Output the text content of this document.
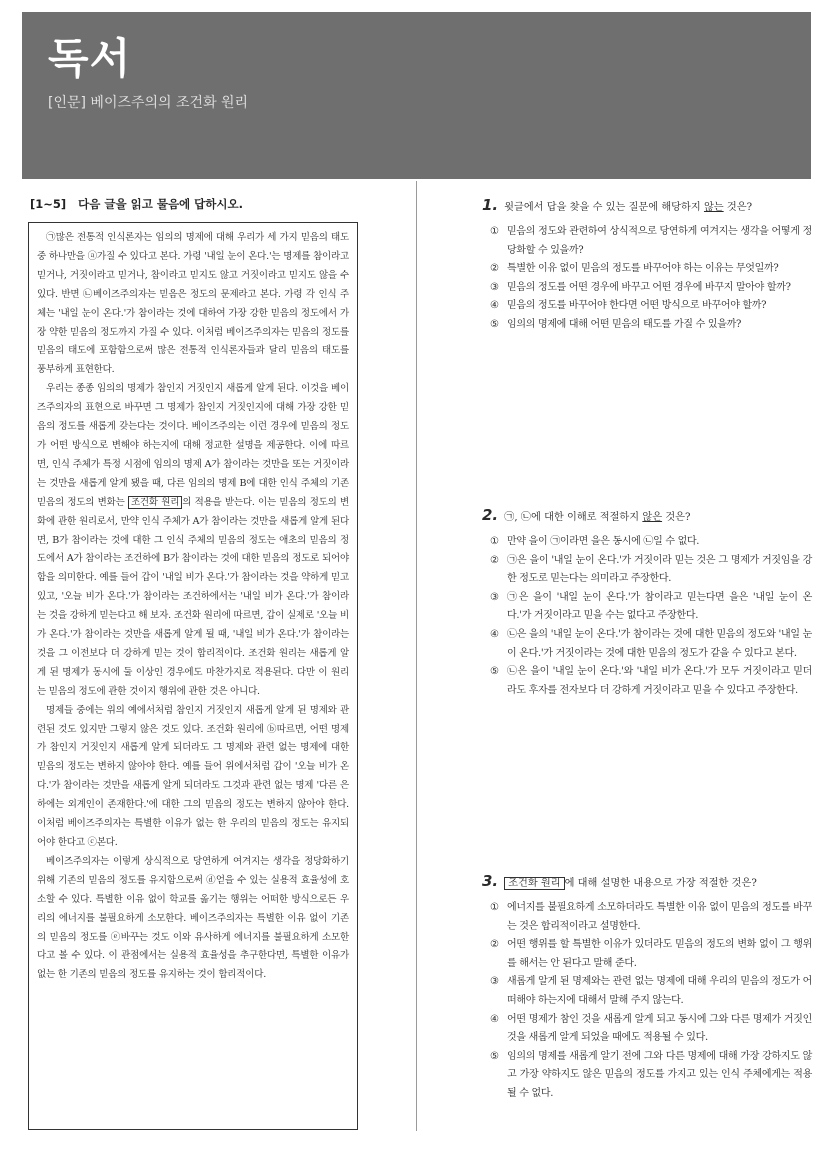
독서
[인문] 베이즈주의의 조건화 원리
[1~5] 다음 글을 읽고 물음에 답하시오.

㉠많은 전통적 인식론자는 임의의 명제에 대해 우리가 세 가지 믿음의 태도 중 하나만을 ⓐ가질 수 있다고 본다. 가령 '내일 눈이 온다.'는 명제를 참이라고 믿거나, 거짓이라고 믿거나, 참이라고 믿지도 않고 거짓이라고 믿지도 않을 수 있다. 반면 ㉡베이즈주의자는 믿음은 정도의 문제라고 본다. 가령 각 인식 주체는 '내일 눈이 온다.'가 참이라는 것에 대하여 가장 강한 믿음의 정도에서 가장 약한 믿음의 정도까지 가질 수 있다. 이처럼 베이즈주의자는 믿음의 정도를 믿음의 태도에 포함함으로써 많은 전통적 인식론자들과 달리 믿음의 태도를 풍부하게 표현한다.

우리는 종종 임의의 명제가 참인지 거짓인지 새롭게 알게 된다. 이것을 베이즈주의자의 표현으로 바꾸면 그 명제가 참인지 거짓인지에 대해 가장 강한 믿음의 정도를 새롭게 갖는다는 것이다. 베이즈주의는 이런 경우에 믿음의 정도가 어떤 방식으로 변해야 하는지에 대해 정교한 설명을 제공한다. 이에 따르면, 인식 주체가 특정 시점에 임의의 명제 A가 참이라는 것만을 또는 거짓이라는 것만을 새롭게 알게 됐을 때, 다른 임의의 명제 B에 대한 인식 주체의 기존 믿음의 정도의 변화는 조건화 원리 의 적용을 받는다. 이는 믿음의 정도의 변화에 관한 원리로서, 만약 인식 주체가 A가 참이라는 것만을 새롭게 알게 된다면, B가 참이라는 것에 대한 그 인식 주체의 믿음의 정도는 애초의 믿음의 정도에서 A가 참이라는 조건하에 B가 참이라는 것에 대한 믿음의 정도로 되어야 함을 의미한다. 예를 들어 갑이 '내일 비가 온다.'가 참이라는 것을 약하게 믿고 있고, '오늘 비가 온다.'가 참이라는 조건하에서는 '내일 비가 온다.'가 참이라는 것을 강하게 믿는다고 해 보자. 조건화 원리에 따르면, 갑이 실제로 '오늘 비가 온다.'가 참이라는 것만을 새롭게 알게 될 때, '내일 비가 온다.'가 참이라는 것을 그 이전보다 더 강하게 믿는 것이 합리적이다. 조건화 원리는 새롭게 알게 된 명제가 동시에 둘 이상인 경우에도 마찬가지로 적용된다. 다만 이 원리는 믿음의 정도에 관한 것이지 행위에 관한 것은 아니다.

명제들 중에는 위의 예에서처럼 참인지 거짓인지 새롭게 알게 된 명제와 관련된 것도 있지만 그렇지 않은 것도 있다. 조건화 원리에 ⓑ따르면, 어떤 명제가 참인지 거짓인지 새롭게 알게 되더라도 그 명제와 관련 없는 명제에 대한 믿음의 정도는 변하지 않아야 한다. 예를 들어 위에서처럼 갑이 '오늘 비가 온다.'가 참이라는 것만을 새롭게 알게 되더라도 그것과 관련 없는 명제 '다른 은하에는 외계인이 존재한다.'에 대한 그의 믿음의 정도는 변하지 않아야 한다. 이처럼 베이즈주의자는 특별한 이유가 없는 한 우리의 믿음의 정도는 유지되어야 한다고 ⓒ본다.

베이즈주의자는 이렇게 상식적으로 당연하게 여겨지는 생각을 정당화하기 위해 기존의 믿음의 정도를 유지함으로써 ⓓ얻을 수 있는 실용적 효율성에 호소할 수 있다. 특별한 이유 없이 학교를 옮기는 행위는 어떠한 방식으로든 우리의 에너지를 불필요하게 소모한다. 베이즈주의자는 특별한 이유 없이 기존의 믿음의 정도를 ⓔ바꾸는 것도 이와 유사하게 에너지를 불필요하게 소모한다고 볼 수 있다. 이 관점에서는 실용적 효율성을 추구한다면, 특별한 이유가 없는 한 기존의 믿음의 정도를 유지하는 것이 합리적이다.

1. 윗글에서 답을 찾을 수 있는 질문에 해당하지 않는 것은?
① 믿음의 정도와 관련하여 상식적으로 당연하게 여겨지는 생각을 어떻게 정당화할 수 있을까?
② 특별한 이유 없이 믿음의 정도를 바꾸어야 하는 이유는 무엇일까?
③ 믿음의 정도를 어떤 경우에 바꾸고 어떤 경우에 바꾸지 말아야 할까?
④ 믿음의 정도를 바꾸어야 한다면 어떤 방식으로 바꾸어야 할까?
⑤ 임의의 명제에 대해 어떤 믿음의 태도를 가질 수 있을까?
2. ㉠, ㉡에 대한 이해로 적절하지 않은 것은?
① 만약 을이 ㉠이라면 을은 동시에 ㉡일 수 없다.
② ㉠은 을이 '내일 눈이 온다.'가 거짓이라 믿는 것은 그 명제가 거짓임을 강한 정도로 믿는다는 의미라고 주장한다.
③ ㉠은 을이 '내일 눈이 온다.'가 참이라고 믿는다면 을은 '내일 눈이 온다.'가 거짓이라고 믿을 수는 없다고 주장한다.
④ ㉡은 을의 '내일 눈이 온다.'가 참이라는 것에 대한 믿음의 정도와 '내일 눈이 온다.'가 거짓이라는 것에 대한 믿음의 정도가 같을 수 있다고 본다.
⑤ ㉡은 을이 '내일 눈이 온다.'와 '내일 비가 온다.'가 모두 거짓이라고 믿더라도 후자를 전자보다 더 강하게 거짓이라고 믿을 수 있다고 주장한다.
3. 조건화 원리 에 대해 설명한 내용으로 가장 적절한 것은?
① 에너지를 불필요하게 소모하더라도 특별한 이유 없이 믿음의 정도를 바꾸는 것은 합리적이라고 설명한다.
② 어떤 행위를 할 특별한 이유가 있더라도 믿음의 정도의 변화 없이 그 행위를 해서는 안 된다고 말해 준다.
③ 새롭게 알게 된 명제와는 관련 없는 명제에 대해 우리의 믿음의 정도가 어떠해야 하는지에 대해서 말해 주지 않는다.
④ 어떤 명제가 참인 것을 새롭게 알게 되고 동시에 그와 다른 명제가 거짓인 것을 새롭게 알게 되었을 때에도 적용될 수 있다.
⑤ 임의의 명제를 새롭게 알기 전에 그와 다른 명제에 대해 가장 강하지도 않고 가장 약하지도 않은 믿음의 정도를 가지고 있는 인식 주체에게는 적용될 수 없다.
